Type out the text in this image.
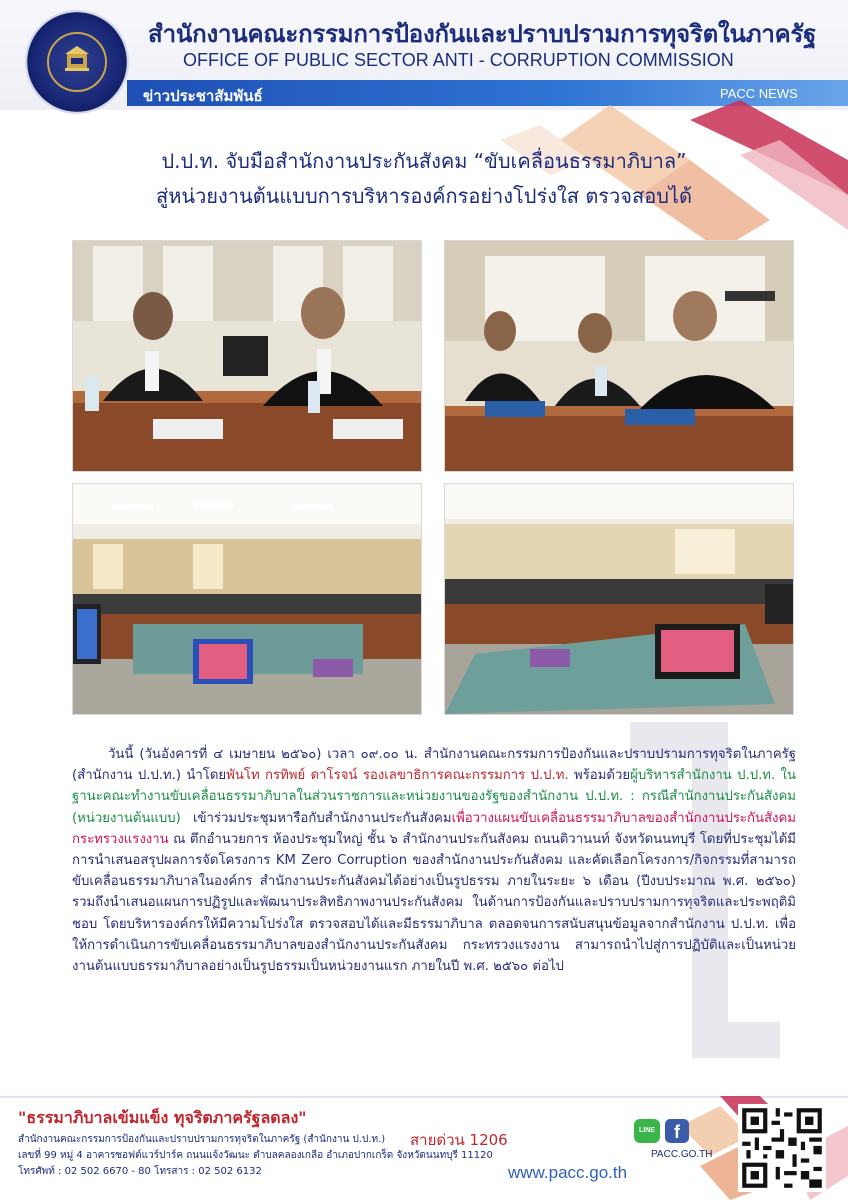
สำนักงานคณะกรรมการป้องกันและปราบปรามการทุจริตในภาครัฐ
OFFICE OF PUBLIC SECTOR ANTI - CORRUPTION COMMISSION
ข่าวประชาสัมพันธ์	PACC NEWS
ป.ป.ท. จับมือสำนักงานประกันสังคม “ขับเคลื่อนธรรมาภิบาล”
สู่หน่วยงานต้นแบบการบริหารองค์กรอย่างโปร่งใส ตรวจสอบได้
วันนี้ (วันอังคารที่ ๔ เมษายน ๒๕๖๐) เวลา ๐๙.๐๐ น. สำนักงานคณะกรรมการป้องกันและปราบปรามการทุจริตในภาครัฐ (สำนักงาน ป.ป.ท.) นำโดยพันโท กรทิพย์ ดาโรจน์ รองเลขาธิการคณะกรรมการ ป.ป.ท. พร้อมด้วยผู้บริหารสำนักงาน ป.ป.ท. ในฐานะคณะทำงานขับเคลื่อนธรรมาภิบาลในส่วนราชการและหน่วยงานของรัฐของสำนักงาน ป.ป.ท. : กรณีสำนักงานประกันสังคม (หน่วยงานต้นแบบ) เข้าร่วมประชุมหารือกับสำนักงานประกันสังคมเพื่อวางแผนขับเคลื่อนธรรมาภิบาลของสำนักงานประกันสังคม กระทรวงแรงงาน ณ ตึกอำนวยการ ห้องประชุมใหญ่ ชั้น ๖ สำนักงานประกันสังคม ถนนติวานนท์ จังหวัดนนทบุรี โดยที่ประชุมได้มีการนำเสนอสรุปผลการจัดโครงการ KM Zero Corruption ของสำนักงานประกันสังคม และคัดเลือกโครงการ/กิจกรรมที่สามารถขับเคลื่อนธรรมาภิบาลในองค์กร สำนักงานประกันสังคมได้อย่างเป็นรูปธรรม ภายในระยะ ๖ เดือน (ปีงบประมาณ พ.ศ. ๒๕๖๐) รวมถึงนำเสนอแผนการปฏิรูปและพัฒนาประสิทธิภาพงานประกันสังคม ในด้านการป้องกันและปราบปรามการทุจริตและประพฤติมิชอบ โดยบริหารองค์กรให้มีความโปร่งใส ตรวจสอบได้และมีธรรมาภิบาล ตลอดจนการสนับสนุนข้อมูลจากสำนักงาน ป.ป.ท. เพื่อให้การดำเนินการขับเคลื่อนธรรมาภิบาลของสำนักงานประกันสังคม กระทรวงแรงงาน สามารถนำไปสู่การปฏิบัติและเป็นหน่วยงานต้นแบบธรรมาภิบาลอย่างเป็นรูปธรรมเป็นหน่วยงานแรก ภายในปี พ.ศ. ๒๕๖๐ ต่อไป
"ธรรมาภิบาลเข้มแข็ง ทุจริตภาครัฐลดลง"
สำนักงานคณะกรรมการป้องกันและปราบปรามการทุจริตในภาครัฐ (สำนักงาน ป.ป.ท.) สายด่วน 1206
เลขที่ 99 หมู่ 4 อาคารซอฟต์แวร์ปาร์ค ถนนแจ้งวัฒนะ ตำบลคลองเกลือ อำเภอปากเกร็ด จังหวัดนนทบุรี 11120
โทรศัพท์ : 02 502 6670 - 80 โทรสาร : 02 502 6132
LINE	f
PACC.GO.TH
www.pacc.go.th
